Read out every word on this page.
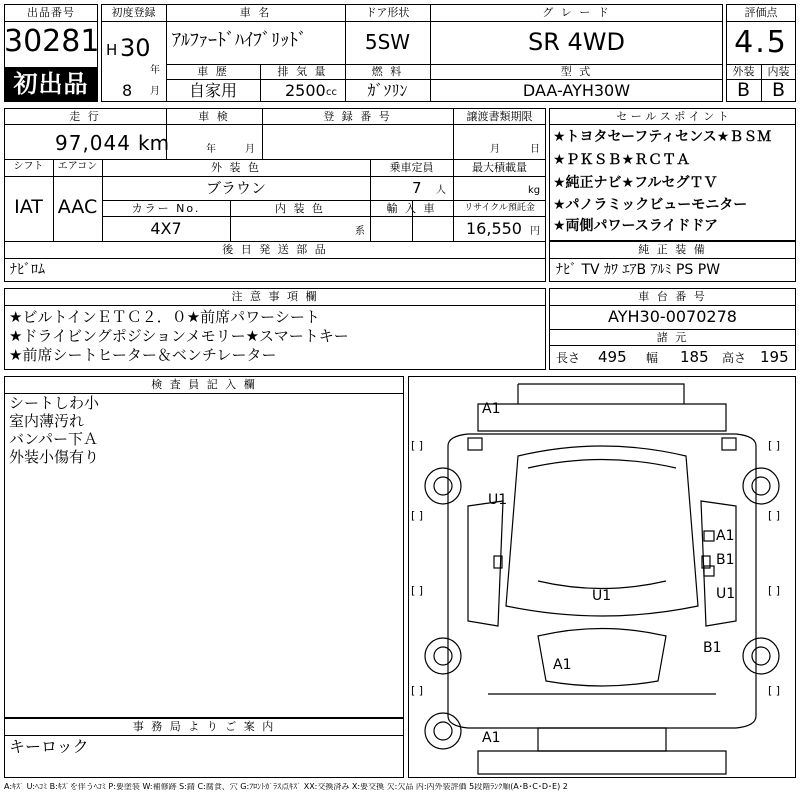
出品番号
30281
初出品
初度登録
H 30
年
8 月
車 名
ｱﾙﾌｧｰﾄﾞﾊｲﾌﾞﾘｯﾄﾞ
ドア形状
5SW
グ レ ー ド
SR 4WD
車 歴
自家用
排 気 量
2500 cc
燃 料
ｶﾞｿﾘﾝ
型 式
DAA-AYH30W
評価点
4.5
外装
B
内装
B
走 行
97,044 km
車 検
年	月
登 録 番 号	譲渡書類期限
月	日
シフト
IAT
エアコン
AAC
外 装 色
ブラウン
乗車定員
7 人
最大積載量
kg
カラー No.
4X7
内 装 色
系
輸 入 車	リサイクル預託金
16,550 円
後 日 発 送 部 品
ﾅﾋﾞﾛﾑ
セ ー ル ス ポ イ ン ト
★トヨタセーフティセンス★ＢＳＭ
★ＰＫＳＢ★ＲＣＴＡ
★純正ナビ★フルセグＴＶ
★パノラミックビューモニター
★両側パワースライドドア
純 正 装 備
ﾅﾋﾞ TV ｶﾜ ｴｱB ｱﾙﾐ PS PW
注 意 事 項 欄
★ビルトインＥＴＣ２．０★前席パワーシート
★ドライビングポジションメモリー★スマートキー
★前席シートヒーター＆ベンチレーター
車 台 番 号
AYH30-0070278
諸 元
長さ 495 幅 185 高さ 195
検 査 員 記 入 欄
シートしわ小
室内薄汚れ
バンパー下Ａ
外装小傷有り
事 務 局 よ り ご 案 内
キーロック
A1
U1
A1
B1
U1	U1
B1
A1
A1
[ ]	[ ]
[ ]	[ ]
[ ]	[ ]
[ ]	[ ]
A:ｷｽﾞ U:ﾍｺﾐ B:ｷｽﾞを伴うﾍｺﾐ P:要塗装 W:補修跡 S:錆 C:腐食、穴 G:ﾌﾛﾝﾄｶﾞﾗｽ点ｷｽﾞ XX:交換済み X:要交換 欠:欠品 内:内外装評価 5段階ﾗﾝｸ順(A･B･C･D･E) 2
